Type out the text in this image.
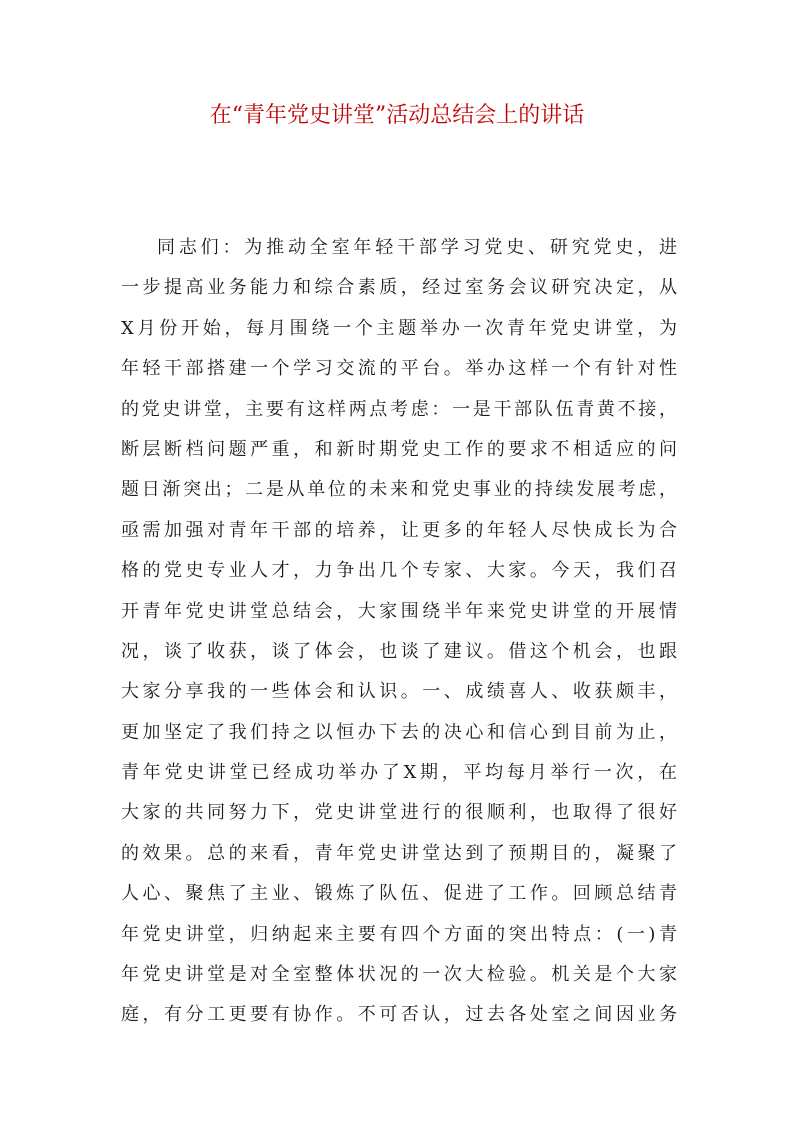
在“青年党史讲堂”活动总结会上的讲话
同志们：为推动全室年轻干部学习党史、研究党史，进
一步提高业务能力和综合素质，经过室务会议研究决定，从
X月份开始，每月围绕一个主题举办一次青年党史讲堂，为
年轻干部搭建一个学习交流的平台。举办这样一个有针对性
的党史讲堂，主要有这样两点考虑：一是干部队伍青黄不接，
断层断档问题严重，和新时期党史工作的要求不相适应的问
题日渐突出；二是从单位的未来和党史事业的持续发展考虑，
亟需加强对青年干部的培养，让更多的年轻人尽快成长为合
格的党史专业人才，力争出几个专家、大家。今天，我们召
开青年党史讲堂总结会，大家围绕半年来党史讲堂的开展情
况，谈了收获，谈了体会，也谈了建议。借这个机会，也跟
大家分享我的一些体会和认识。一、成绩喜人、收获颇丰，
更加坚定了我们持之以恒办下去的决心和信心到目前为止，
青年党史讲堂已经成功举办了X期，平均每月举行一次，在
大家的共同努力下，党史讲堂进行的很顺利，也取得了很好
的效果。总的来看，青年党史讲堂达到了预期目的，凝聚了
人心、聚焦了主业、锻炼了队伍、促进了工作。回顾总结青
年党史讲堂，归纳起来主要有四个方面的突出特点：(一)青
年党史讲堂是对全室整体状况的一次大检验。机关是个大家
庭，有分工更要有协作。不可否认，过去各处室之间因业务
